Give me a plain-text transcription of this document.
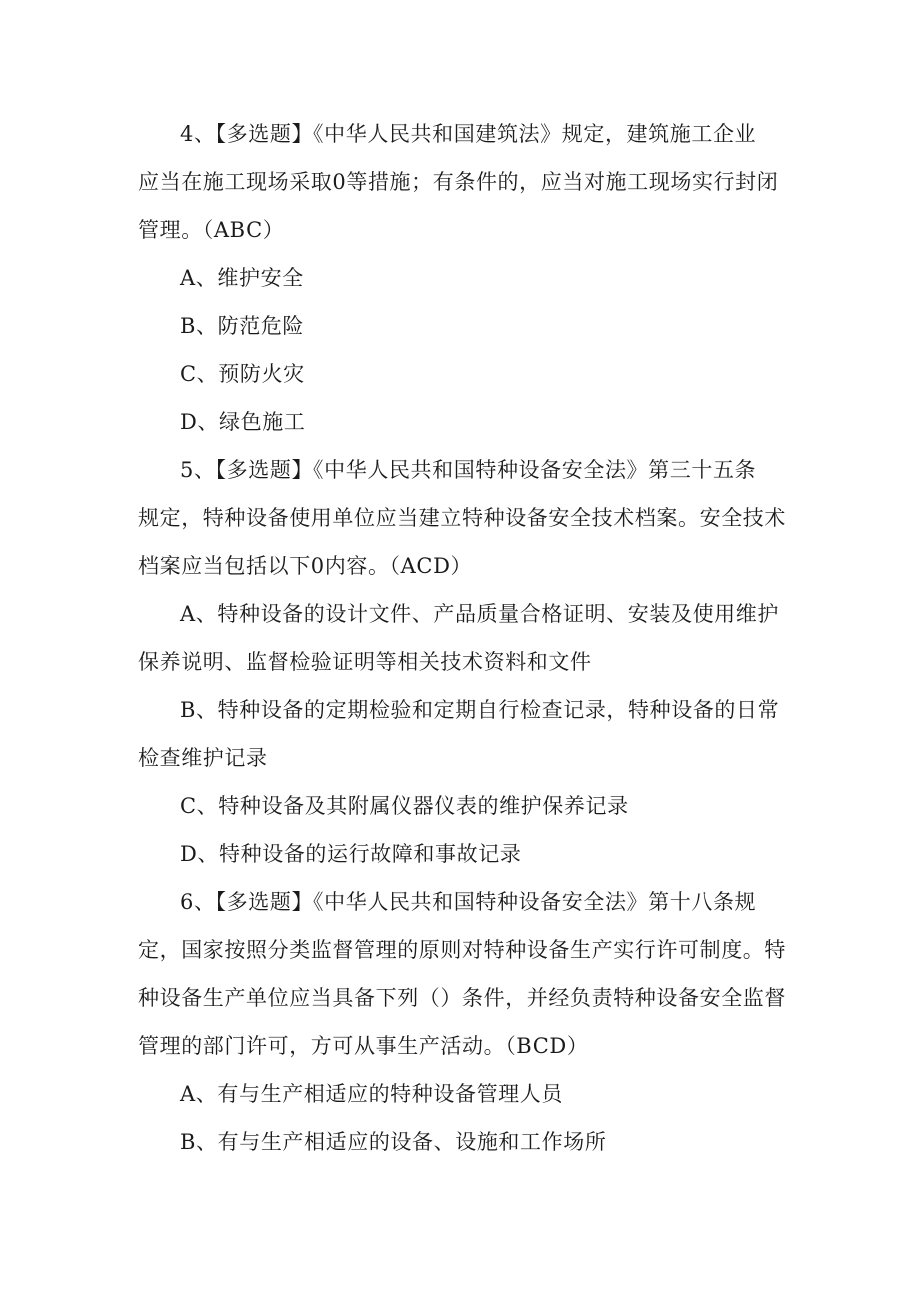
4、【多选题】《中华人民共和国建筑法》规定，建筑施工企业
应当在施工现场采取0等措施；有条件的，应当对施工现场实行封闭
管理。（ABC）
A、维护安全
B、防范危险
C、预防火灾
D、绿色施工
5、【多选题】《中华人民共和国特种设备安全法》第三十五条
规定，特种设备使用单位应当建立特种设备安全技术档案。安全技术
档案应当包括以下0内容。（ACD）
A、特种设备的设计文件、产品质量合格证明、安装及使用维护
保养说明、监督检验证明等相关技术资料和文件
B、特种设备的定期检验和定期自行检查记录，特种设备的日常
检查维护记录
C、特种设备及其附属仪器仪表的维护保养记录
D、特种设备的运行故障和事故记录
6、【多选题】《中华人民共和国特种设备安全法》第十八条规
定，国家按照分类监督管理的原则对特种设备生产实行许可制度。特
种设备生产单位应当具备下列（）条件，并经负责特种设备安全监督
管理的部门许可，方可从事生产活动。（BCD）
A、有与生产相适应的特种设备管理人员
B、有与生产相适应的设备、设施和工作场所
